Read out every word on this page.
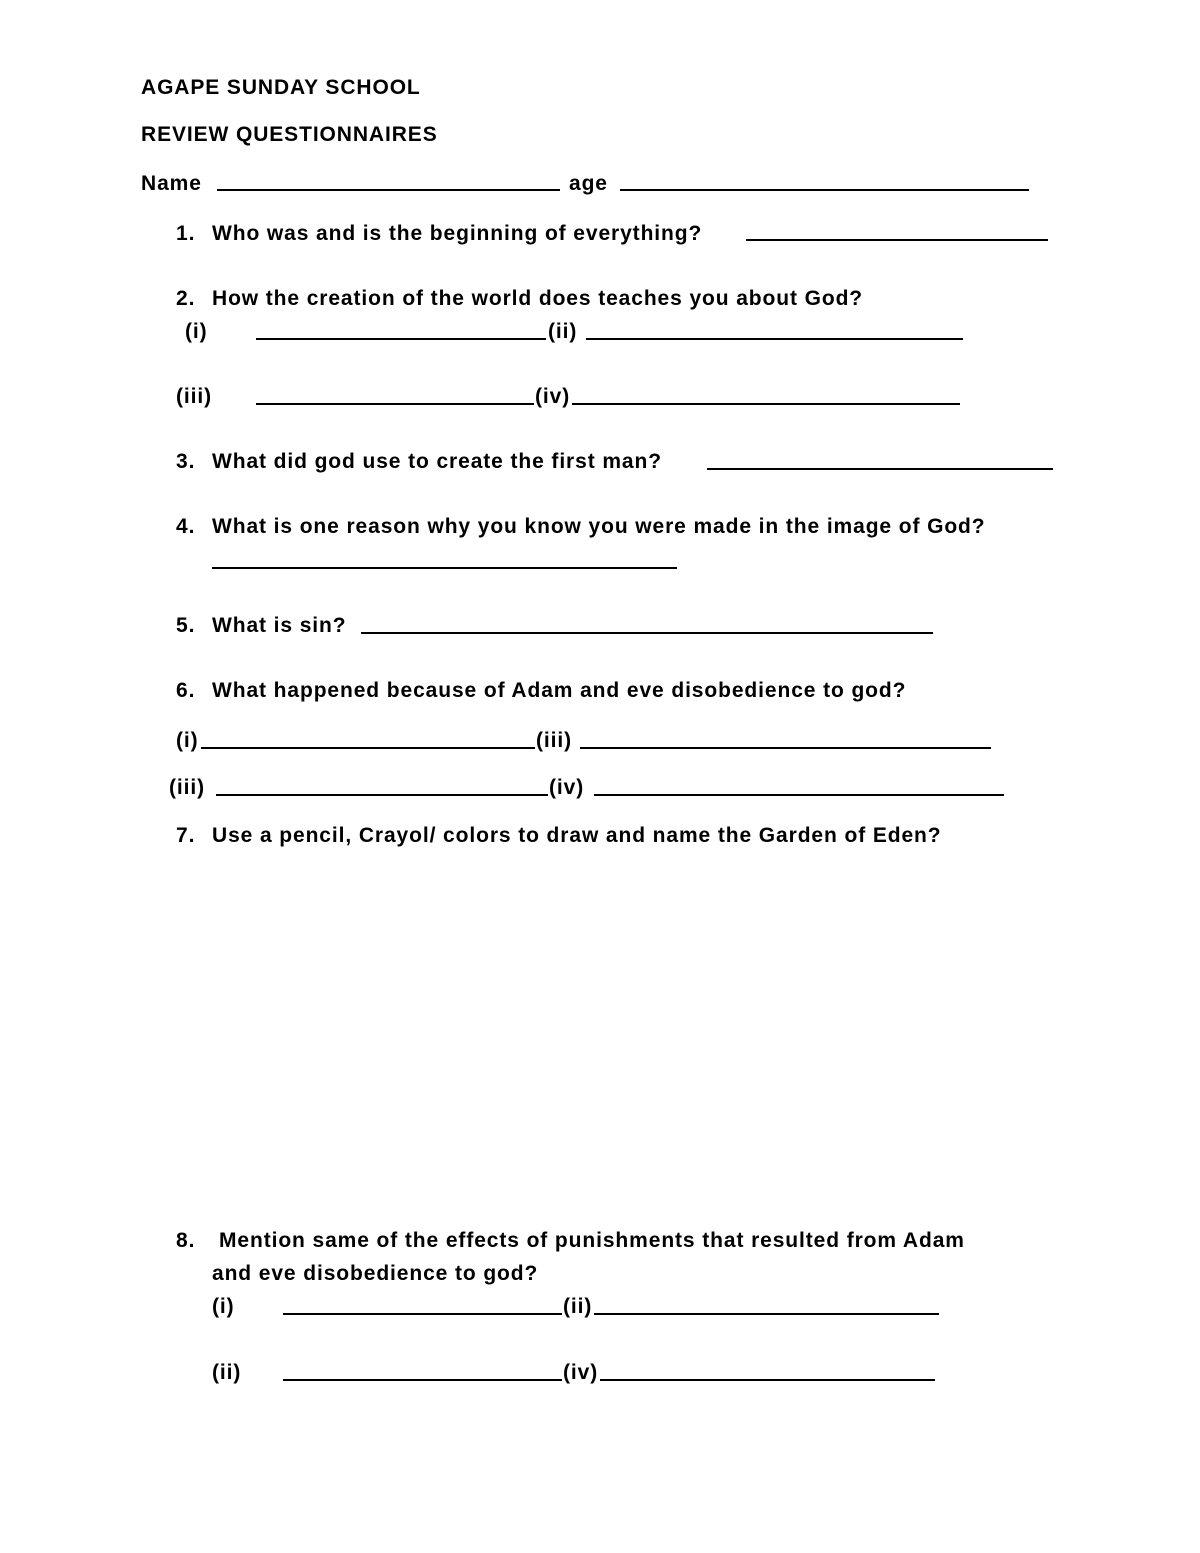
AGAPE SUNDAY SCHOOL
REVIEW QUESTIONNAIRES
Name	age
1. Who was and is the beginning of everything?
2. How the creation of the world does teaches you about God?
(i)	(ii)
(iii)	(iv)
3. What did god use to create the first man?
4. What is one reason why you know you were made in the image of God?
5. What is sin?
6. What happened because of Adam and eve disobedience to god?
(i)	(iii)
(iii)	(iv)
7. Use a pencil, Crayol/ colors to draw and name the Garden of Eden?
8. Mention same of the effects of punishments that resulted from Adam
and eve disobedience to god?
(i)	(ii)
(ii)	(iv)
